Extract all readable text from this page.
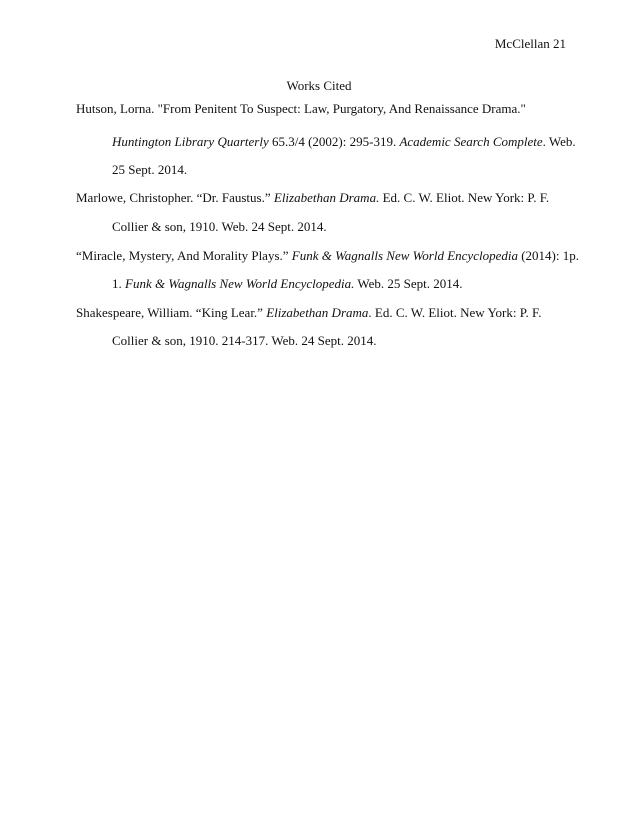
McClellan 21
Works Cited
Hutson, Lorna. "From Penitent To Suspect: Law, Purgatory, And Renaissance Drama."
Huntington Library Quarterly 65.3/4 (2002): 295-319. Academic Search Complete. Web.
25 Sept. 2014.
Marlowe, Christopher. “Dr. Faustus.” Elizabethan Drama. Ed. C. W. Eliot. New York: P. F.
Collier & son, 1910. Web. 24 Sept. 2014.
“Miracle, Mystery, And Morality Plays.” Funk & Wagnalls New World Encyclopedia (2014): 1p.
1. Funk & Wagnalls New World Encyclopedia. Web. 25 Sept. 2014.
Shakespeare, William. “King Lear.” Elizabethan Drama. Ed. C. W. Eliot. New York: P. F.
Collier & son, 1910. 214-317. Web. 24 Sept. 2014.
